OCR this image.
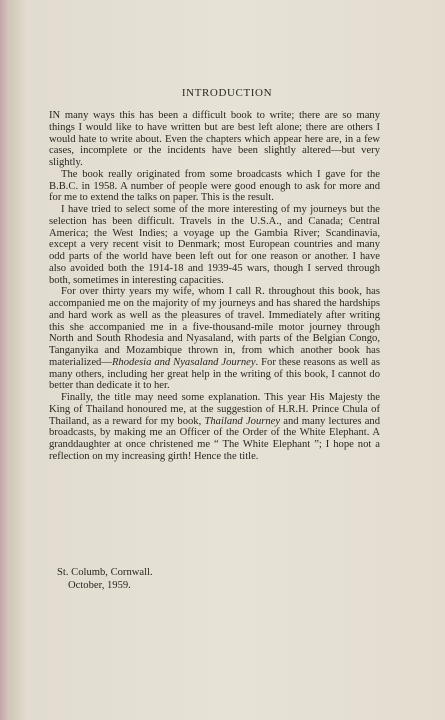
INTRODUCTION

IN many ways this has been a difficult book to write; there are so many things I would like to have written but are best left alone; there are others I would hate to write about. Even the chapters which appear here are, in a few cases, incomplete or the incidents have been slightly altered—but very slightly.

The book really originated from some broadcasts which I gave for the B.B.C. in 1958. A number of people were good enough to ask for more and for me to extend the talks on paper. This is the result.

I have tried to select some of the more interesting of my journeys but the selection has been difficult. Travels in the U.S.A., and Canada; Central America; the West Indies; a voyage up the Gambia River; Scandinavia, except a very recent visit to Denmark; most European countries and many odd parts of the world have been left out for one reason or another. I have also avoided both the 1914-18 and 1939-45 wars, though I served through both, sometimes in interesting capacities.

For over thirty years my wife, whom I call R. throughout this book, has accompanied me on the majority of my journeys and has shared the hardships and hard work as well as the pleasures of travel. Immediately after writing this she accompanied me in a five-thousand-mile motor journey through North and South Rhodesia and Nyasaland, with parts of the Belgian Congo, Tanganyika and Mozambique thrown in, from which another book has materialized—Rhodesia and Nyasaland Journey. For these reasons as well as many others, including her great help in the writing of this book, I cannot do better than dedicate it to her.

Finally, the title may need some explanation. This year His Majesty the King of Thailand honoured me, at the suggestion of H.R.H. Prince Chula of Thailand, as a reward for my book, Thailand Journey and many lectures and broadcasts, by making me an Officer of the Order of the White Elephant. A granddaughter at once christened me “ The White Elephant ”; I hope not a reflection on my increasing girth! Hence the title.

St. Columb, Cornwall.
October, 1959.
